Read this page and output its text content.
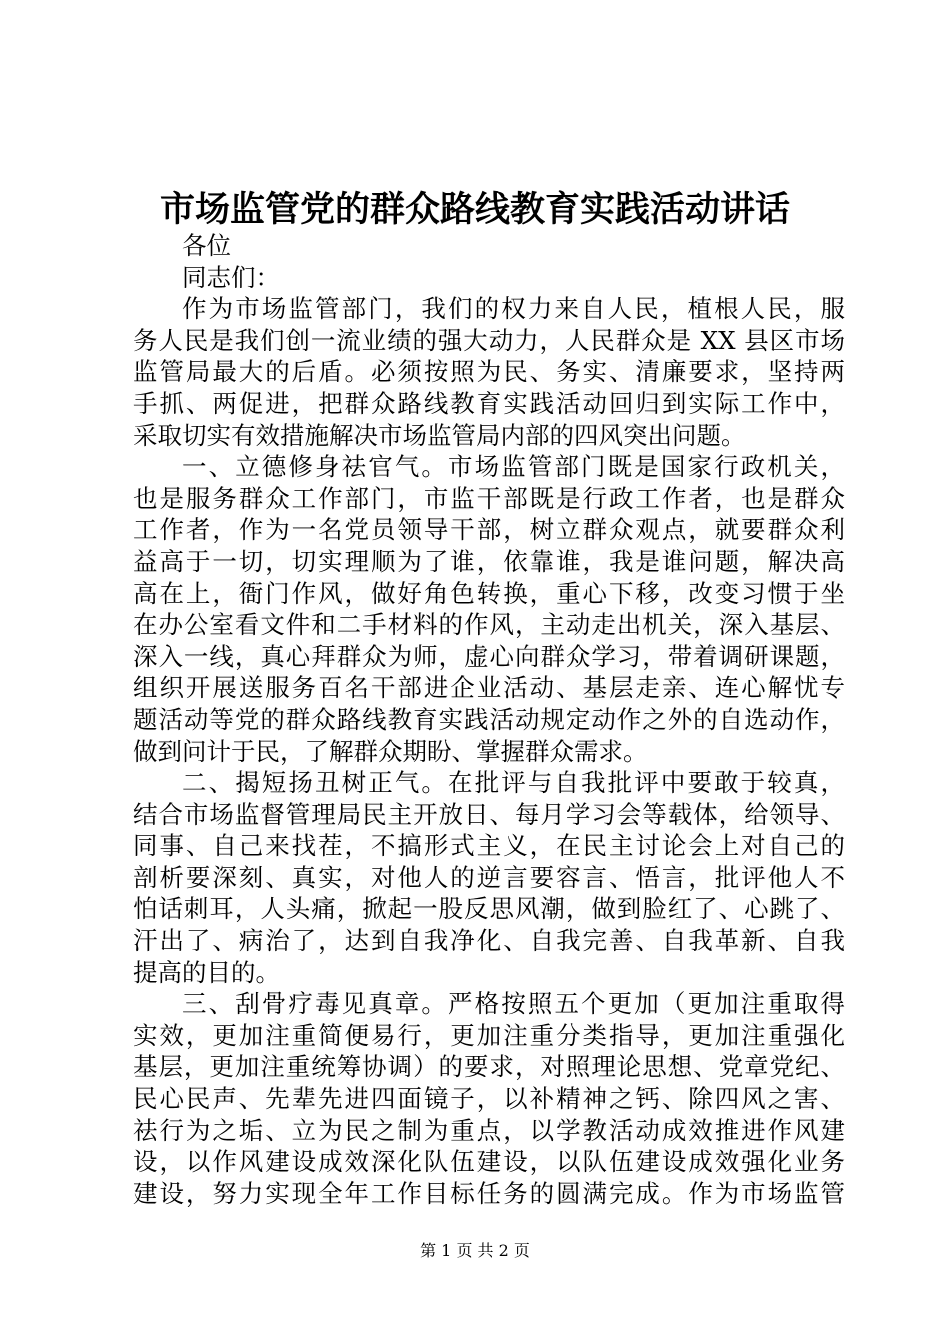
市场监管党的群众路线教育实践活动讲话
各位
同志们：
作为市场监管部门，我们的权力来自人民，植根人民，服
务人民是我们创一流业绩的强大动力，人民群众是 XX 县区市场
监管局最大的后盾。必须按照为民、务实、清廉要求，坚持两
手抓、两促进，把群众路线教育实践活动回归到实际工作中，
采取切实有效措施解决市场监管局内部的四风突出问题。
一、立德修身祛官气。市场监管部门既是国家行政机关，
也是服务群众工作部门，市监干部既是行政工作者，也是群众
工作者，作为一名党员领导干部，树立群众观点，就要群众利
益高于一切，切实理顺为了谁，依靠谁，我是谁问题，解决高
高在上，衙门作风，做好角色转换，重心下移，改变习惯于坐
在办公室看文件和二手材料的作风，主动走出机关，深入基层、
深入一线，真心拜群众为师，虚心向群众学习，带着调研课题，
组织开展送服务百名干部进企业活动、基层走亲、连心解忧专
题活动等党的群众路线教育实践活动规定动作之外的自选动作，
做到问计于民，了解群众期盼、掌握群众需求。
二、揭短扬丑树正气。在批评与自我批评中要敢于较真，
结合市场监督管理局民主开放日、每月学习会等载体，给领导、
同事、自己来找茬，不搞形式主义，在民主讨论会上对自己的
剖析要深刻、真实，对他人的逆言要容言、悟言，批评他人不
怕话刺耳，人头痛，掀起一股反思风潮，做到脸红了、心跳了、
汗出了、病治了，达到自我净化、自我完善、自我革新、自我
提高的目的。
三、刮骨疗毒见真章。严格按照五个更加（更加注重取得
实效，更加注重简便易行，更加注重分类指导，更加注重强化
基层，更加注重统筹协调）的要求，对照理论思想、党章党纪、
民心民声、先辈先进四面镜子，以补精神之钙、除四风之害、
祛行为之垢、立为民之制为重点，以学教活动成效推进作风建
设，以作风建设成效深化队伍建设，以队伍建设成效强化业务
建设，努力实现全年工作目标任务的圆满完成。作为市场监管
第 1 页 共 2 页
